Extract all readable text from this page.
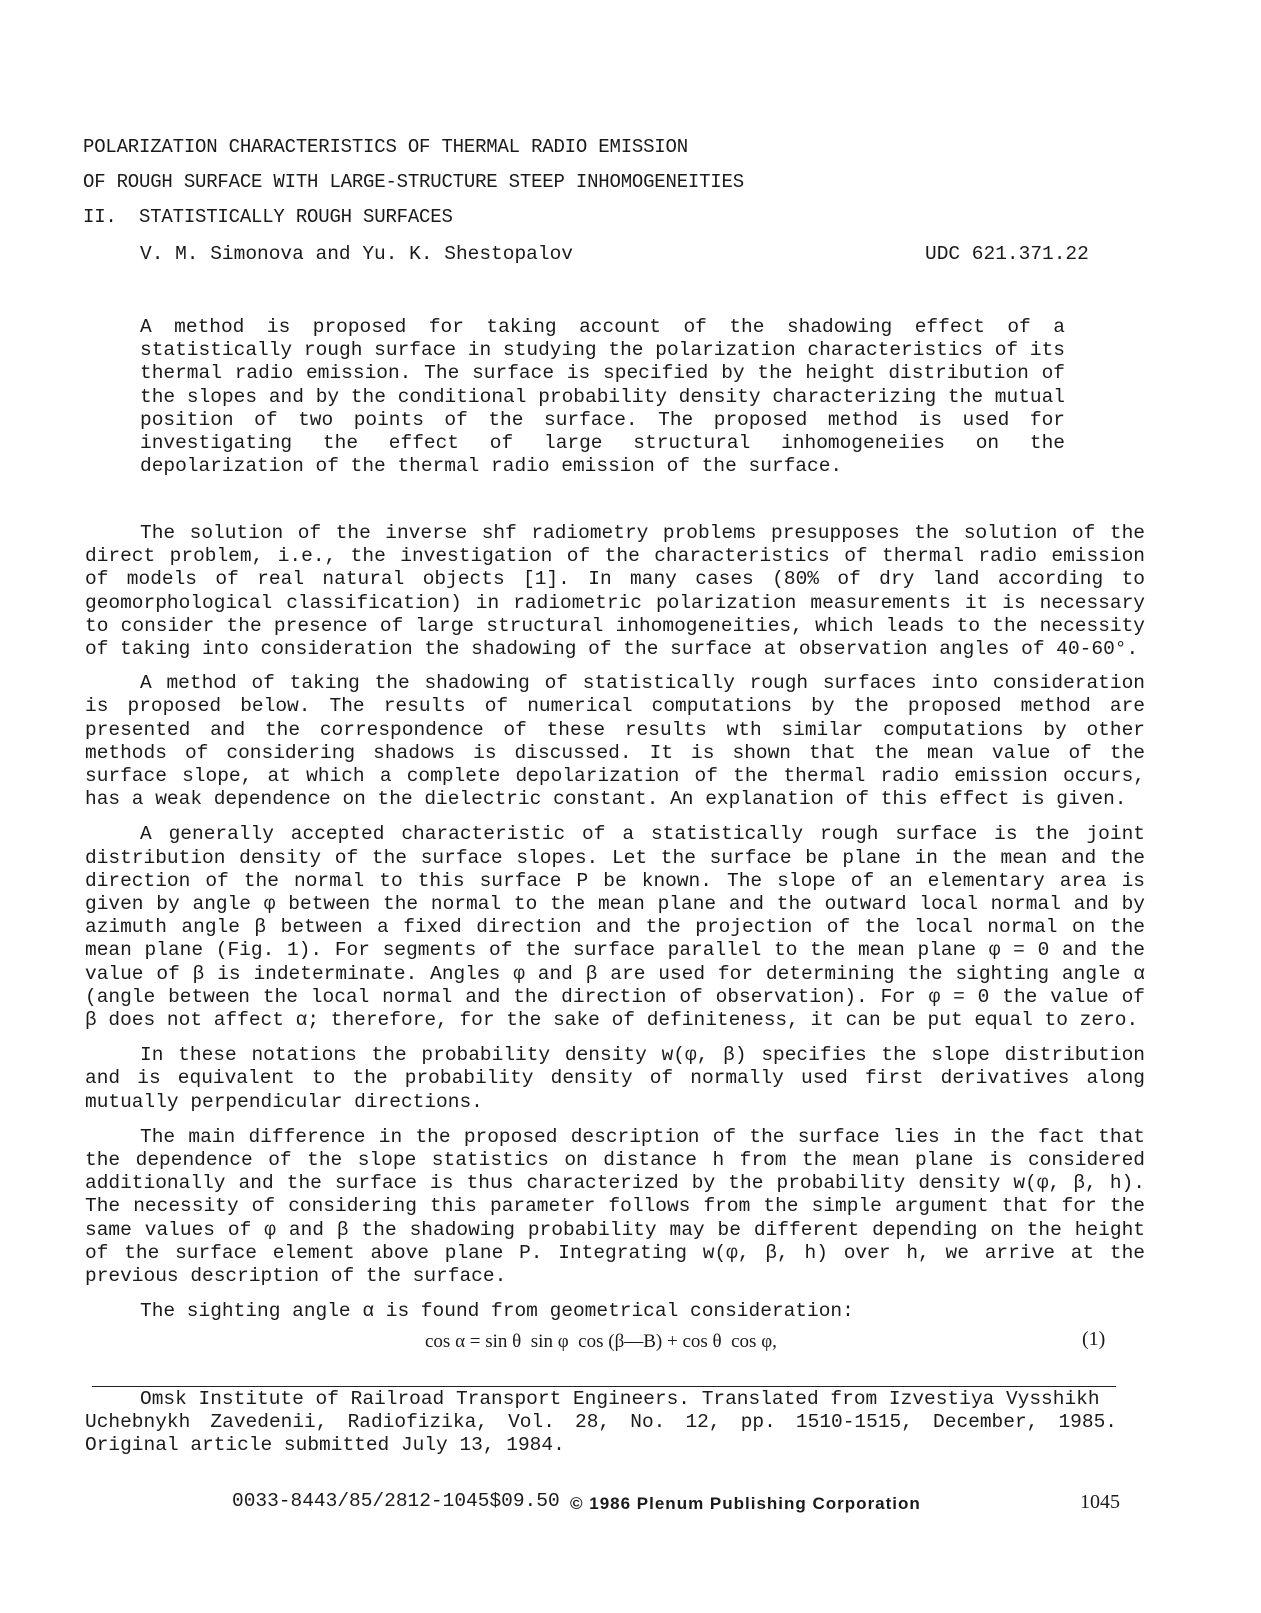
POLARIZATION CHARACTERISTICS OF THERMAL RADIO EMISSION
OF ROUGH SURFACE WITH LARGE-STRUCTURE STEEP INHOMOGENEITIES
II.  STATISTICALLY ROUGH SURFACES
V. M. Simonova and Yu. K. Shestopalov	UDC 621.371.22
A method is proposed for taking account of the shadowing effect of a statistically rough surface in studying the polarization characteristics of its thermal radio emission. The surface is specified by the height distribution of the slopes and by the conditional probability density characterizing the mutual position of two points of the surface. The proposed method is used for investigating the effect of large structural inhomogeneiies on the depolarization of the thermal radio emission of the surface.

The solution of the inverse shf radiometry problems presupposes the solution of the direct problem, i.e., the investigation of the characteristics of thermal radio emission of models of real natural objects [1]. In many cases (80% of dry land according to geomorphological classification) in radiometric polarization measurements it is necessary to consider the presence of large structural inhomogeneities, which leads to the necessity of taking into consideration the shadowing of the surface at observation angles of 40-60°.

A method of taking the shadowing of statistically rough surfaces into consideration is proposed below. The results of numerical computations by the proposed method are presented and the correspondence of these results wth similar computations by other methods of considering shadows is discussed. It is shown that the mean value of the surface slope, at which a complete depolarization of the thermal radio emission occurs, has a weak dependence on the dielectric constant. An explanation of this effect is given.

A generally accepted characteristic of a statistically rough surface is the joint distribution density of the surface slopes. Let the surface be plane in the mean and the direction of the normal to this surface P be known. The slope of an elementary area is given by angle φ between the normal to the mean plane and the outward local normal and by azimuth angle β between a fixed direction and the projection of the local normal on the mean plane (Fig. 1). For segments of the surface parallel to the mean plane φ = 0 and the value of β is indeterminate. Angles φ and β are used for determining the sighting angle α (angle between the local normal and the direction of observation). For φ = 0 the value of β does not affect α; therefore, for the sake of definiteness, it can be put equal to zero.

In these notations the probability density w(φ, β) specifies the slope distribution and is equivalent to the probability density of normally used first derivatives along mutually perpendicular directions.

The main difference in the proposed description of the surface lies in the fact that the dependence of the slope statistics on distance h from the mean plane is considered additionally and the surface is thus characterized by the probability density w(φ, β, h). The necessity of considering this parameter follows from the simple argument that for the same values of φ and β the shadowing probability may be different depending on the height of the surface element above plane P. Integrating w(φ, β, h) over h, we arrive at the previous description of the surface.

The sighting angle α is found from geometrical consideration:

cos α = sin θ  sin φ  cos (β—B) + cos θ  cos φ,	(1)
Omsk Institute of Railroad Transport Engineers. Translated from Izvestiya Vysshikh
Uchebnykh Zavedenii, Radiofizika, Vol. 28, No. 12, pp. 1510-1515, December, 1985. Original article submitted July 13, 1984.
0033-8443/85/2812-1045$09.50 © 1986 Plenum Publishing Corporation	1045
